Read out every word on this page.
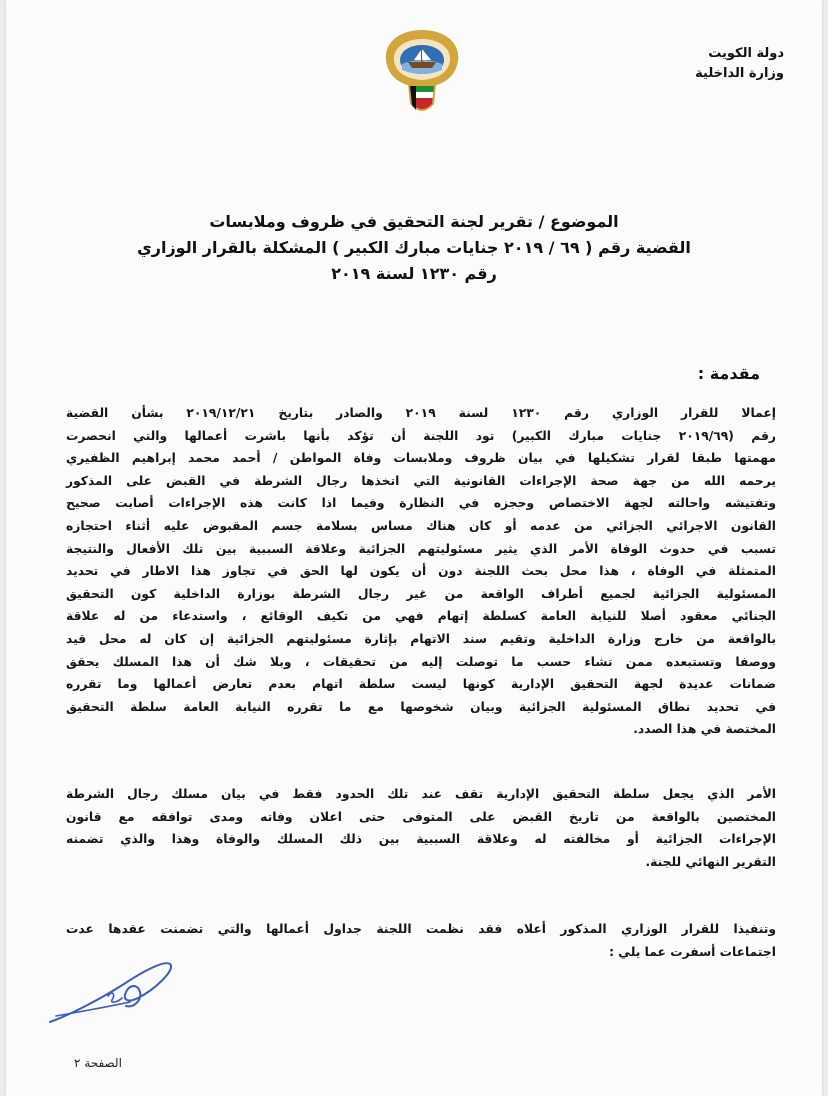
دولة الكويت
وزارة الداخلية
الموضوع / تقرير لجنة التحقيق في ظروف وملابسات
القضية رقم ( ٦٩ / ٢٠١٩ جنايات مبارك الكبير ) المشكلة بالقرار الوزاري
رقم ١٢٣٠ لسنة ٢٠١٩
مقدمة :
إعمالا للقرار الوزاري رقم ١٢٣٠ لسنة ٢٠١٩ والصادر بتاريخ ٢٠١٩/١٢/٢١ بشأن القضية
رقم (٢٠١٩/٦٩ جنايات مبارك الكبير) تود اللجنة أن تؤكد بأنها باشرت أعمالها والتي انحصرت
مهمتها طبقا لقرار تشكيلها في بيان ظروف وملابسات وفاة المواطن / أحمد محمد إبراهيم الظفيري
يرحمه الله من جهة صحة الإجراءات القانونية التي اتخذها رجال الشرطة في القبض على المذكور
وتفتيشه واحالته لجهة الاختصاص وحجزه في النظارة وفيما اذا كانت هذه الإجراءات أصابت صحيح
القانون الاجرائي الجزائي من عدمه أو كان هناك مساس بسلامة جسم المقبوض عليه أثناء احتجازه
تسبب في حدوث الوفاة الأمر الذي يثير مسئوليتهم الجزائية وعلاقة السببية بين تلك الأفعال والنتيجة
المتمثلة في الوفاة ، هذا محل بحث اللجنة دون أن يكون لها الحق في تجاوز هذا الاطار في تحديد
المسئولية الجزائية لجميع أطراف الواقعة من غير رجال الشرطة بوزارة الداخلية كون التحقيق
الجنائي معقود أصلا للنيابة العامة كسلطة إتهام فهي من تكيف الوقائع ، واستدعاء من له علاقة
بالواقعة من خارج وزارة الداخلية وتقيم سند الاتهام بإثارة مسئوليتهم الجزائية إن كان له محل قيد
ووصفا وتستبعده ممن تشاء حسب ما توصلت إليه من تحقيقات ، وبلا شك أن هذا المسلك يحقق
ضمانات عديدة لجهة التحقيق الإدارية كونها ليست سلطة اتهام بعدم تعارض أعمالها وما تقرره
في تحديد نطاق المسئولية الجزائية وبيان شخوصها مع ما تقرره النيابة العامة سلطة التحقيق
المختصة في هذا الصدد.
الأمر الذي يجعل سلطة التحقيق الإدارية تقف عند تلك الحدود فقط في بيان مسلك رجال الشرطة
المختصين بالواقعة من تاريخ القبض على المتوفى حتى اعلان وفاته ومدى توافقه مع قانون
الإجراءات الجزائية أو مخالفته له وعلاقة السببية بين ذلك المسلك والوفاة وهذا والذي تضمنه
التقرير النهائي للجنة.
وتنفيذا للقرار الوزاري المذكور أعلاه فقد نظمت اللجنة جداول أعمالها والتي تضمنت عقدها عدت
اجتماعات أسفرت عما يلي :
الصفحة ٢
